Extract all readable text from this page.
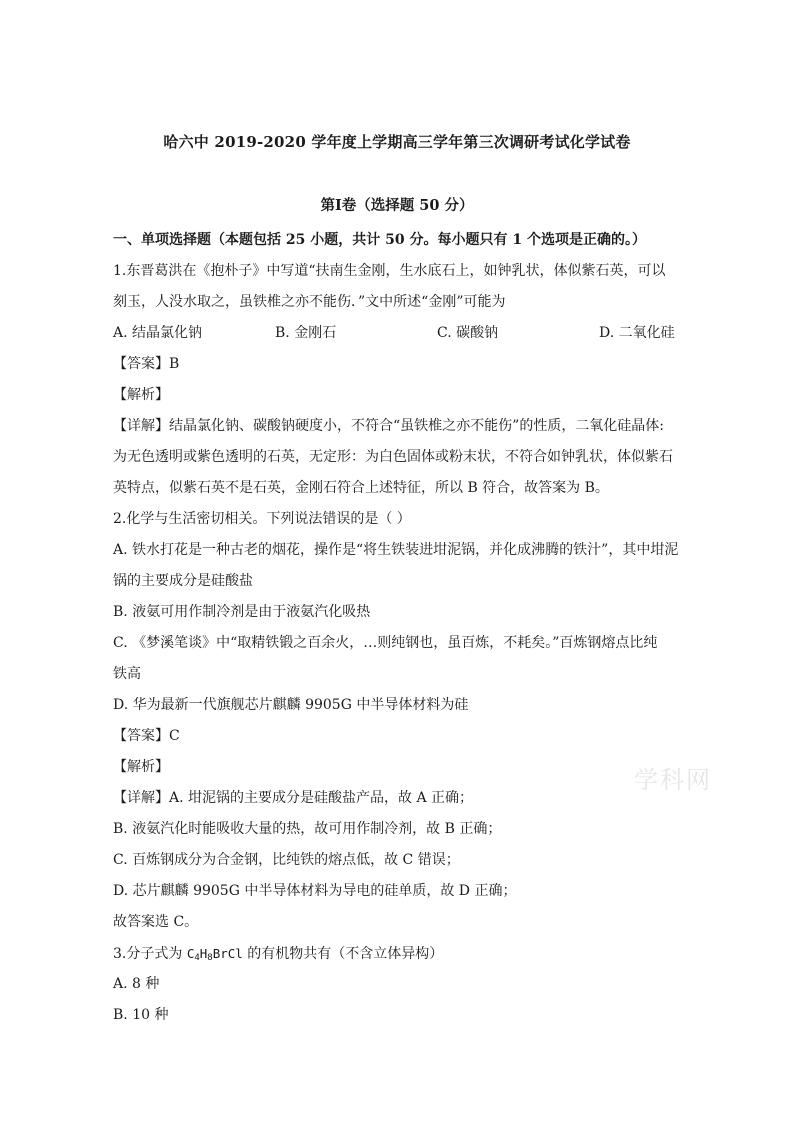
哈六中 2019-2020 学年度上学期高三学年第三次调研考试化学试卷
第Ⅰ卷（选择题 50 分）
一、单项选择题（本题包括 25 小题，共计 50 分。每小题只有 1 个选项是正确的。）
1.东晋葛洪在《抱朴子》中写道“扶南生金刚，生水底石上，如钟乳状，体似紫石英，可以
刻玉，人没水取之，虽铁椎之亦不能伤．”文中所述“金刚”可能为
A. 结晶氯化钠	B. 金刚石	C. 碳酸钠	D. 二氧化硅
【答案】B
【解析】
【详解】结晶氯化钠、碳酸钠硬度小，不符合“虽铁椎之亦不能伤”的性质，二氧化硅晶体:
为无色透明或紫色透明的石英，无定形：为白色固体或粉末状，不符合如钟乳状，体似紫石
英特点，似紫石英不是石英，金刚石符合上述特征，所以 B 符合，故答案为 B。
2.化学与生活密切相关。下列说法错误的是（ ）
A. 铁水打花是一种古老的烟花，操作是“将生铁装进坩泥锅，并化成沸腾的铁汁”，其中坩泥
锅的主要成分是硅酸盐
B. 液氨可用作制冷剂是由于液氨汽化吸热
C. 《梦溪笔谈》中“取精铁锻之百余火，…则纯钢也，虽百炼，不耗矣。”百炼钢熔点比纯
铁高
D. 华为最新一代旗舰芯片麒麟 9905G 中半导体材料为硅
【答案】C
【解析】
【详解】A. 坩泥锅的主要成分是硅酸盐产品，故 A 正确；
B. 液氨汽化时能吸收大量的热，故可用作制冷剂，故 B 正确；
C. 百炼钢成分为合金钢，比纯铁的熔点低，故 C 错误；
D. 芯片麒麟 9905G 中半导体材料为导电的硅单质，故 D 正确；
故答案选 C。
3.分子式为 $C_4H_8BrCl$ 的有机物共有（不含立体异构）
A. 8 种
B. 10 种
学科网
